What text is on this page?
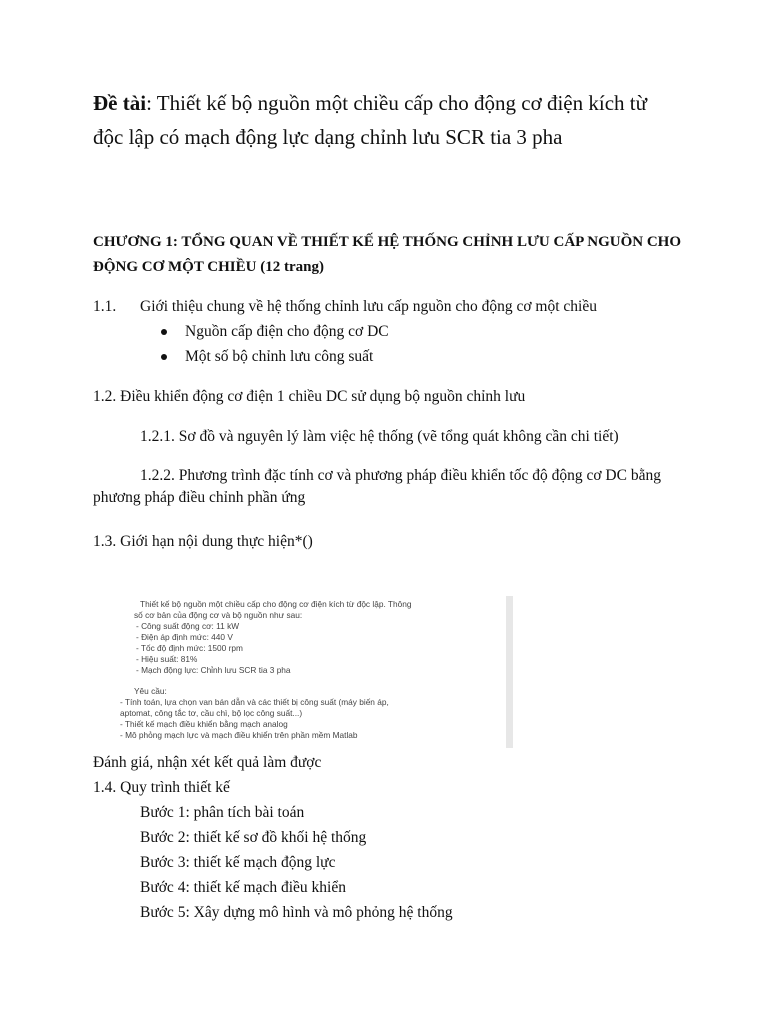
Đề tài: Thiết kế bộ nguồn một chiều cấp cho động cơ điện kích từ độc lập có mạch động lực dạng chỉnh lưu SCR tia 3 pha
CHƯƠNG 1: TỔNG QUAN VỀ THIẾT KẾ HỆ THỐNG CHỈNH LƯU CẤP NGUỒN CHO ĐỘNG CƠ MỘT CHIỀU (12 trang)
1.1. Giới thiệu chung về hệ thống chỉnh lưu cấp nguồn cho động cơ một chiều
Nguồn cấp điện cho động cơ DC
Một số bộ chỉnh lưu công suất
1.2. Điều khiển động cơ điện 1 chiều DC sử dụng bộ nguồn chỉnh lưu
1.2.1. Sơ đồ và nguyên lý làm việc hệ thống (vẽ tổng quát không cần chi tiết)
1.2.2. Phương trình đặc tính cơ và phương pháp điều khiển tốc độ động cơ DC bằng phương pháp điều chỉnh phần ứng
1.3. Giới hạn nội dung thực hiện*()
Thiết kế bộ nguồn một chiều cấp cho động cơ điện kích từ độc lập. Thông
số cơ bản của động cơ và bộ nguồn như sau:
- Công suất động cơ: 11 kW
- Điện áp định mức: 440 V
- Tốc độ định mức: 1500 rpm
- Hiệu suất: 81%
- Mạch động lực: Chỉnh lưu SCR tia 3 pha
Yêu cầu:
- Tính toán, lựa chọn van bán dẫn và các thiết bị công suất (máy biến áp,
aptomat, công tắc tơ, cầu chì, bộ lọc công suất...)
- Thiết kế mạch điều khiển bằng mạch analog
- Mô phỏng mạch lực và mạch điều khiển trên phần mềm Matlab
Đánh giá, nhận xét kết quả làm được
1.4. Quy trình thiết kế
Bước 1: phân tích bài toán
Bước 2: thiết kế sơ đồ khối hệ thống
Bước 3: thiết kế mạch động lực
Bước 4: thiết kế mạch điều khiển
Bước 5: Xây dựng mô hình và mô phỏng hệ thống
